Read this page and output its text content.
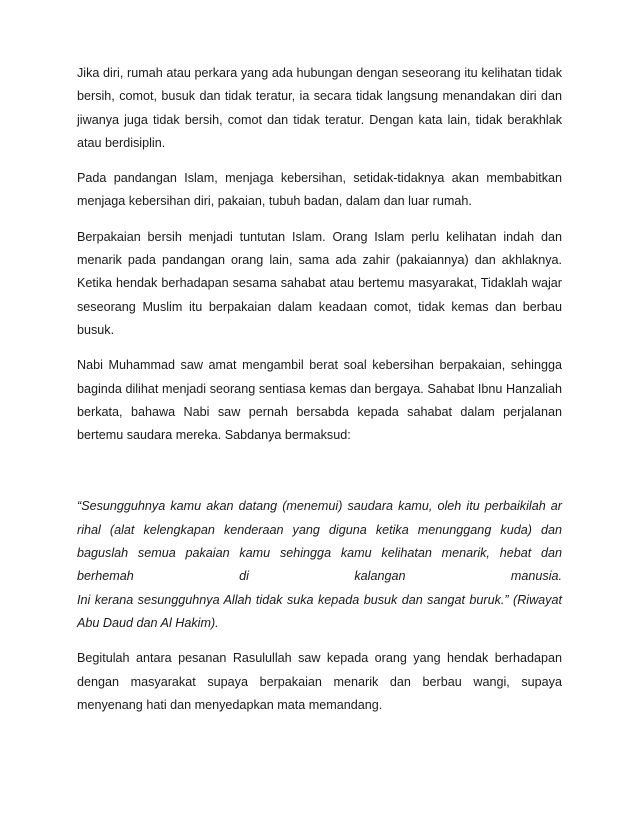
Jika diri, rumah atau perkara yang ada hubungan dengan seseorang itu kelihatan tidak bersih, comot, busuk dan tidak teratur, ia secara tidak langsung menandakan diri dan jiwanya juga tidak bersih, comot dan tidak teratur. Dengan kata lain, tidak berakhlak atau berdisiplin.

Pada pandangan Islam, menjaga kebersihan, setidak-tidaknya akan membabitkan menjaga kebersihan diri, pakaian, tubuh badan, dalam dan luar rumah.

Berpakaian bersih menjadi tuntutan Islam. Orang Islam perlu kelihatan indah dan menarik pada pandangan orang lain, sama ada zahir (pakaiannya) dan akhlaknya. Ketika hendak berhadapan sesama sahabat atau bertemu masyarakat, Tidaklah wajar seseorang Muslim itu berpakaian dalam keadaan comot, tidak kemas dan berbau busuk.

Nabi Muhammad saw amat mengambil berat soal kebersihan berpakaian, sehingga baginda dilihat menjadi seorang sentiasa kemas dan bergaya. Sahabat Ibnu Hanzaliah berkata, bahawa Nabi saw pernah bersabda kepada sahabat dalam perjalanan bertemu saudara mereka. Sabdanya bermaksud:

“Sesungguhnya kamu akan datang (menemui) saudara kamu, oleh itu perbaikilah ar rihal (alat kelengkapan kenderaan yang diguna ketika menunggang kuda) dan baguslah semua pakaian kamu sehingga kamu kelihatan menarik, hebat dan berhemah di kalangan manusia.
Ini kerana sesungguhnya Allah tidak suka kepada busuk dan sangat buruk.” (Riwayat Abu Daud dan Al Hakim).

Begitulah antara pesanan Rasulullah saw kepada orang yang hendak berhadapan dengan masyarakat supaya berpakaian menarik dan berbau wangi, supaya menyenang hati dan menyedapkan mata memandang.
